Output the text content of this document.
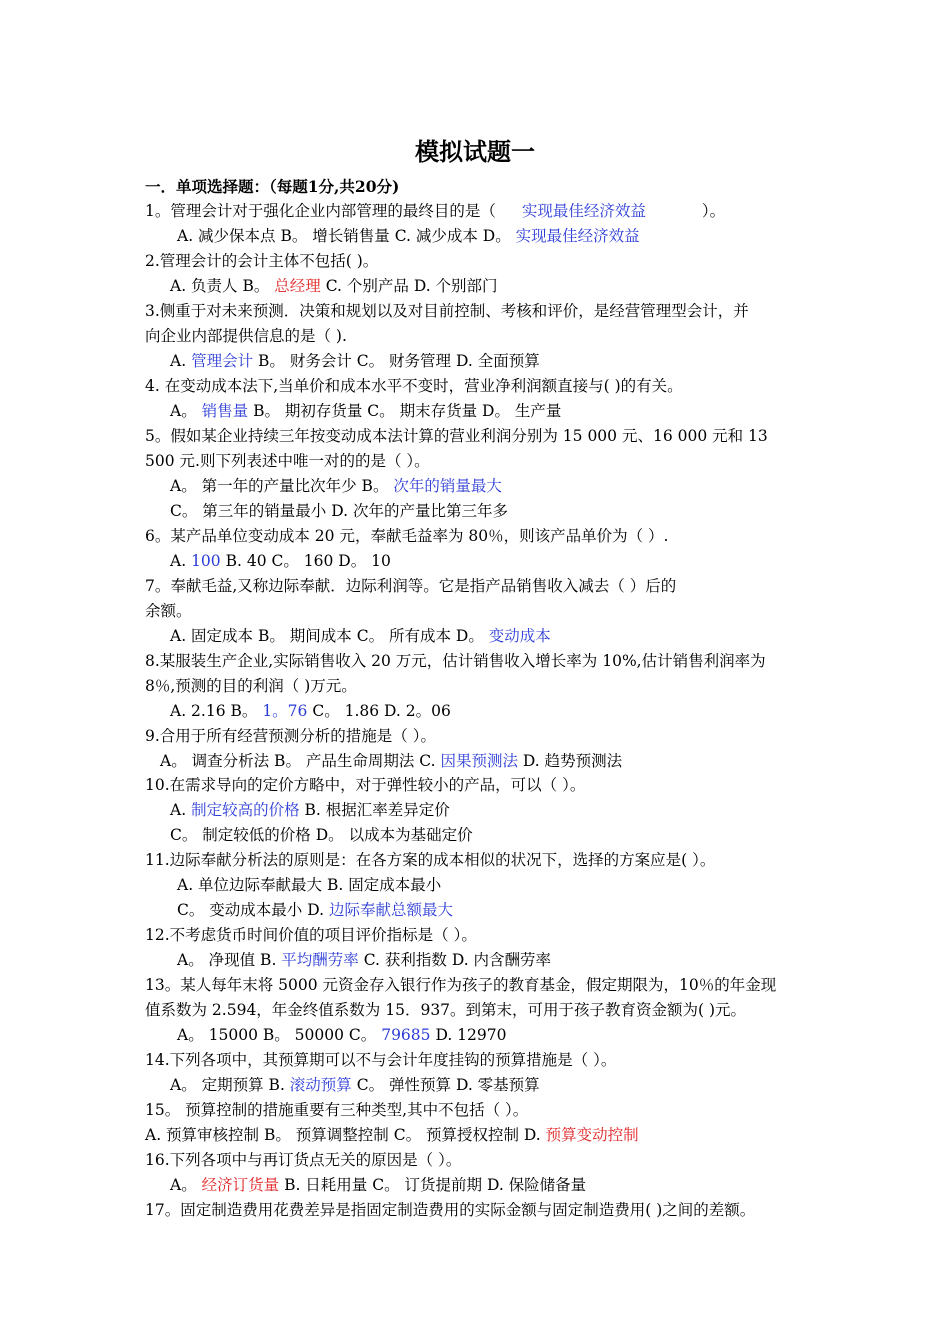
模拟试题一
一．单项选择题：（每题1分,共20分)
1。管理会计对于强化企业内部管理的最终目的是（ 实现最佳经济效益	）。
A. 减少保本点 B。 增长销售量 C. 减少成本 D。 实现最佳经济效益
2.管理会计的会计主体不包括( )。
A. 负责人 B。 总经理 C. 个别产品 D. 个别部门
3.侧重于对未来预测．决策和规划以及对目前控制、考核和评价，是经营管理型会计，并
向企业内部提供信息的是（ ).
A. 管理会计 B。 财务会计 C。 财务管理 D. 全面预算
4. 在变动成本法下,当单价和成本水平不变时，营业净利润额直接与( )的有关。
A。 销售量 B。 期初存货量 C。 期末存货量 D。 生产量
5。假如某企业持续三年按变动成本法计算的营业利润分别为 15 000 元、16 000 元和 13
500 元.则下列表述中唯一对的的是（ ）。
A。 第一年的产量比次年少 B。 次年的销量最大
C。 第三年的销量最小 D. 次年的产量比第三年多
6。某产品单位变动成本 20 元，奉献毛益率为 80％，则该产品单价为（ ）.
A. 100 B. 40 C。 160 D。 10
7。奉献毛益,又称边际奉献．边际利润等。它是指产品销售收入减去（ ）后的
余额。
A. 固定成本 B。 期间成本 C。 所有成本 D。 变动成本
8.某服装生产企业,实际销售收入 20 万元，估计销售收入增长率为 10%,估计销售利润率为
8％,预测的目的利润（ )万元。
A. 2.16 B。 1。76 C。 1.86 D. 2。06
9.合用于所有经营预测分析的措施是（ ）。
A。 调查分析法 B。 产品生命周期法 C. 因果预测法 D. 趋势预测法
10.在需求导向的定价方略中，对于弹性较小的产品，可以（ ）。
A. 制定较高的价格 B. 根据汇率差异定价
C。 制定较低的价格 D。 以成本为基础定价
11.边际奉献分析法的原则是：在各方案的成本相似的状况下，选择的方案应是( ）。
A. 单位边际奉献最大 B. 固定成本最小
C。 变动成本最小 D. 边际奉献总额最大
12.不考虑货币时间价值的项目评价指标是（ ）。
A。 净现值 B. 平均酬劳率 C. 获利指数 D. 内含酬劳率
13。某人每年末将 5000 元资金存入银行作为孩子的教育基金，假定期限为，10％的年金现
值系数为 2.594，年金终值系数为 15．937。到第末，可用于孩子教育资金额为( )元。
A。 15000 B。 50000 C。 79685 D. 12970
14.下列各项中，其预算期可以不与会计年度挂钩的预算措施是（ ）。
A。 定期预算 B. 滚动预算 C。 弹性预算 D. 零基预算
15。 预算控制的措施重要有三种类型,其中不包括（ ）。
A. 预算审核控制 B。 预算调整控制 C。 预算授权控制 D. 预算变动控制
16.下列各项中与再订货点无关的原因是（ ）。
A。 经济订货量 B. 日耗用量 C。 订货提前期 D. 保险储备量
17。固定制造费用花费差异是指固定制造费用的实际金额与固定制造费用( )之间的差额。
